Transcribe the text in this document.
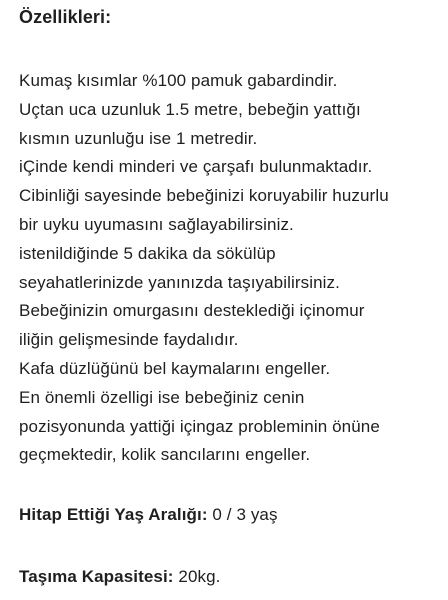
Özellikleri:
Kumaş kısımlar %100 pamuk gabardindir.
Uçtan uca uzunluk 1.5 metre, bebeğin yattığı
kısmın uzunluğu ise 1 metredir.
iÇinde kendi minderi ve çarşafı bulunmaktadır.
Cibinliği sayesinde bebeğinizi koruyabilir huzurlu
bir uyku uyumasını sağlayabilirsiniz.
istenildiğinde 5 dakika da sökülüp
seyahatlerinizde yanınızda taşıyabilirsiniz.
Bebeğinizin omurgasını desteklediği içinomur
iliğin gelişmesinde faydalıdır.
Kafa düzlüğünü bel kaymalarını engeller.
En önemli özelligi ise bebeğiniz cenin
pozisyonunda yattiği içingaz probleminin önüne
geçmektedir, kolik sancılarını engeller.
Hitap Ettiği Yaş Aralığı: 0 / 3 yaş
Taşıma Kapasitesi: 20kg.
